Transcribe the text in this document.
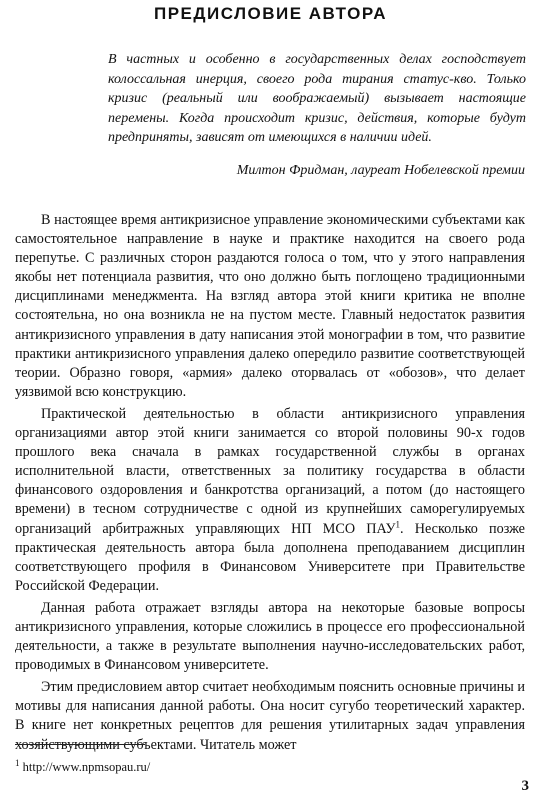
ПРЕДИСЛОВИЕ АВТОРА

В частных и особенно в государственных делах господствует колоссальная инерция, своего рода тирания статус-кво. Только кризис (реальный или воображаемый) вызывает настоящие перемены. Когда происходит кризис, действия, которые будут предприняты, зависят от имеющихся в наличии идей.

Милтон Фридман, лауреат Нобелевской премии

В настоящее время антикризисное управление экономическими субъектами как самостоятельное направление в науке и практике находится на своего рода перепутье. С различных сторон раздаются голоса о том, что у этого направления якобы нет потенциала развития, что оно должно быть поглощено традиционными дисциплинами менеджмента. На взгляд автора этой книги критика не вполне состоятельна, но она возникла не на пустом месте. Главный недостаток развития антикризисного управления в дату написания этой монографии в том, что развитие практики антикризисного управления далеко опередило развитие соответствующей теории. Образно говоря, «армия» далеко оторвалась от «обозов», что делает уязвимой всю конструкцию.

Практической деятельностью в области антикризисного управления организациями автор этой книги занимается со второй половины 90-х годов прошлого века сначала в рамках государственной службы в органах исполнительной власти, ответственных за политику государства в области финансового оздоровления и банкротства организаций, а потом (до настоящего времени) в тесном сотрудничестве с одной из крупнейших саморегулируемых организаций арбитражных управляющих НП МСО ПАУ$^1$. Несколько позже практическая деятельность автора была дополнена преподаванием дисциплин соответствующего профиля в Финансовом Университете при Правительстве Российской Федерации.

Данная работа отражает взгляды автора на некоторые базовые вопросы антикризисного управления, которые сложились в процессе его профессиональной деятельности, а также в результате выполнения научно-исследовательских работ, проводимых в Финансовом университете.

Этим предисловием автор считает необходимым пояснить основные причины и мотивы для написания данной работы. Она носит сугубо теоретический характер. В книге нет конкретных рецептов для решения утилитарных задач управления хозяйствующими субъектами. Читатель может

$^1$ http://www.npmsopau.ru/
3
